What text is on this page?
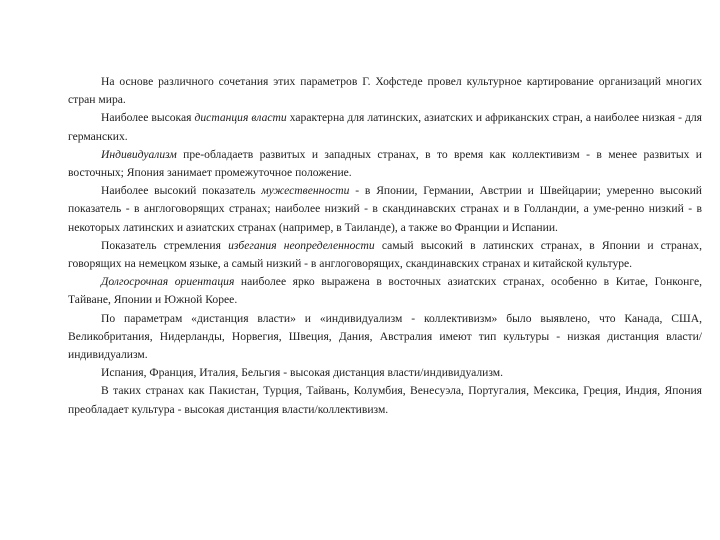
На основе различного сочетания этих параметров Г. Хофстеде провел культурное картирование организаций многих стран мира.

Наиболее высокая дистанция власти характерна для латинских, азиатских и африканских стран, а наиболее низкая - для германских.

Индивидуализм пре-обладаетв развитых и западных странах, в то время как коллективизм - в менее развитых и восточных; Япония занимает промежуточное положение.

Наиболее высокий показатель мужественности - в Японии, Германии, Австрии и Швейцарии; умеренно высокий показатель - в англоговорящих странах; наиболее низкий - в скандинавских странах и в Голландии, а уме-ренно низкий - в некоторых латинских и азиатских странах (например, в Таиланде), а также во Франции и Испании.

Показатель стремления избегания неопределенности самый высокий в латинских странах, в Японии и странах, говорящих на немецком языке, а самый низкий - в англоговорящих, скандинавских странах и китайской культуре.

Долгосрочная ориентация наиболее ярко выражена в восточных азиатских странах, особенно в Китае, Гонконге, Тайване, Японии и Южной Корее.

По параметрам «дистанция власти» и «индивидуализм - коллективизм» было выявлено, что Канада, США, Великобритания, Нидерланды, Норвегия, Швеция, Дания, Австралия имеют тип культуры - низкая дистанция власти/индивидуализм.

Испания, Франция, Италия, Бельгия - высокая дистанция власти/индивидуализм.

В таких странах как Пакистан, Турция, Тайвань, Колумбия, Венесуэла, Португалия, Мексика, Греция, Индия, Япония преобладает культура - высокая дистанция власти/коллективизм.
